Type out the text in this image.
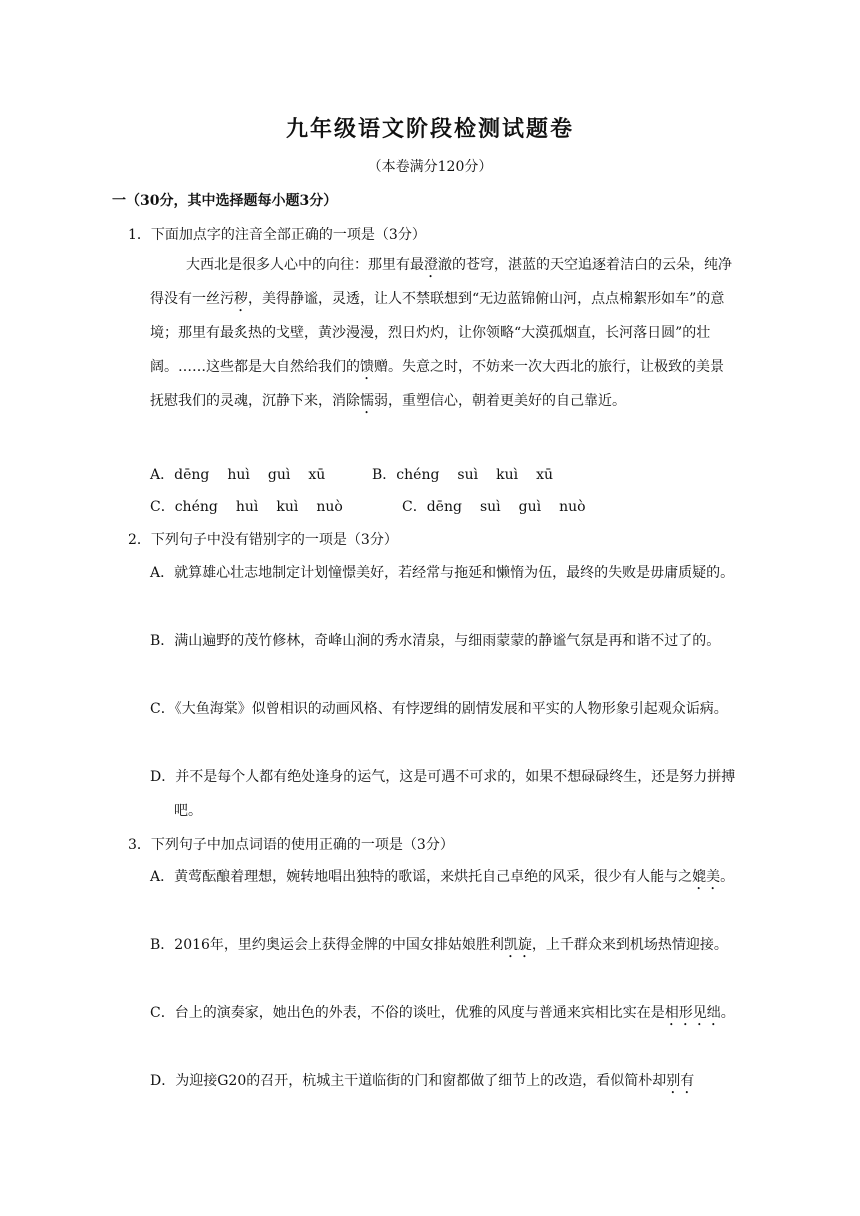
九年级语文阶段检测试题卷
（本卷满分120分）
一（30分，其中选择题每小题3分）
1．下面加点字的注音全部正确的一项是（3分）
大西北是很多人心中的向往：那里有最澄澈的苍穹，湛蓝的天空追逐着洁白的云朵，纯净得没有一丝污秽，美得静谧，灵透，让人不禁联想到“无边蓝锦俯山河，点点棉絮形如车”的意境；那里有最炙热的戈壁，黄沙漫漫，烈日灼灼，让你领略“大漠孤烟直，长河落日圆”的壮阔。……这些都是大自然给我们的馈赠。失意之时，不妨来一次大西北的旅行，让极致的美景抚慰我们的灵魂，沉静下来，消除懦弱，重塑信心，朝着更美好的自己靠近。
A．dēng huì guì xū	B．chéng suì kuì xū
C．chéng huì kuì nuò	C．dēng suì guì nuò
2．下列句子中没有错别字的一项是（3分）
A．就算雄心壮志地制定计划憧憬美好，若经常与拖延和懒惰为伍，最终的失败是毋庸质疑的。
B．满山遍野的茂竹修林，奇峰山涧的秀水清泉，与细雨蒙蒙的静谧气氛是再和谐不过了的。
C．《大鱼海棠》似曾相识的动画风格、有悖逻缉的剧情发展和平实的人物形象引起观众诟病。
D．并不是每个人都有绝处逢身的运气，这是可遇不可求的，如果不想碌碌终生，还是努力拼搏吧。
3．下列句子中加点词语的使用正确的一项是（3分）
A．黄莺酝酿着理想，婉转地唱出独特的歌谣，来烘托自己卓绝的风采，很少有人能与之媲美。
B．2016年，里约奥运会上获得金牌的中国女排姑娘胜利凯旋，上千群众来到机场热情迎接。
C．台上的演奏家，她出色的外表，不俗的谈吐，优雅的风度与普通来宾相比实在是相形见绌。
D．为迎接G20的召开，杭城主干道临街的门和窗都做了细节上的改造，看似简朴却别有
